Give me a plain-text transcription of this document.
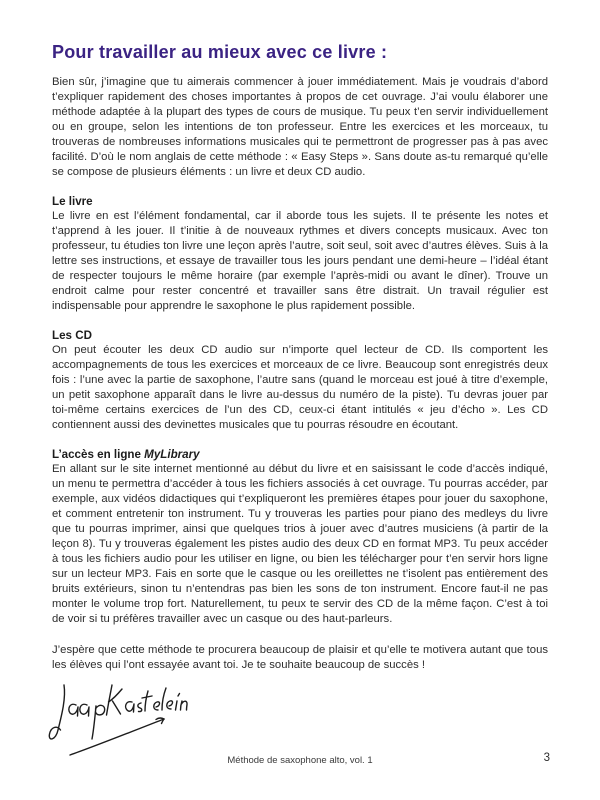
Pour travailler au mieux avec ce livre :

Bien sûr, j’imagine que tu aimerais commencer à jouer immédiatement. Mais je voudrais d’abord t’expliquer rapidement des choses importantes à propos de cet ouvrage. J’ai voulu élaborer une méthode adaptée à la plupart des types de cours de musique. Tu peux t’en servir individuellement ou en groupe, selon les intentions de ton professeur. Entre les exercices et les morceaux, tu trouveras de nombreuses informations musicales qui te permettront de progresser pas à pas avec facilité. D’où le nom anglais de cette méthode : « Easy Steps ». Sans doute as-tu remarqué qu’elle se compose de plusieurs éléments : un livre et deux CD audio.

Le livre

Le livre en est l’élément fondamental, car il aborde tous les sujets. Il te présente les notes et t’apprend à les jouer. Il t’initie à de nouveaux rythmes et divers concepts musicaux. Avec ton professeur, tu étudies ton livre une leçon après l’autre, soit seul, soit avec d’autres élèves. Suis à la lettre ses instructions, et essaye de travailler tous les jours pendant une demi-heure – l’idéal étant de respecter toujours le même horaire (par exemple l’après-midi ou avant le dîner). Trouve un endroit calme pour rester concentré et travailler sans être distrait. Un travail régulier est indispensable pour apprendre le saxophone le plus rapidement possible.

Les CD

On peut écouter les deux CD audio sur n’importe quel lecteur de CD. Ils comportent les accompagnements de tous les exercices et morceaux de ce livre. Beaucoup sont enregistrés deux fois : l’une avec la partie de saxophone, l’autre sans (quand le morceau est joué à titre d’exemple, un petit saxophone apparaît dans le livre au-dessus du numéro de la piste). Tu devras jouer par toi-même certains exercices de l’un des CD, ceux-ci étant intitulés « jeu d’écho ». Les CD contiennent aussi des devinettes musicales que tu pourras résoudre en écoutant.

L’accès en ligne MyLibrary

En allant sur le site internet mentionné au début du livre et en saisissant le code d’accès indiqué, un menu te permettra d’accéder à tous les fichiers associés à cet ouvrage. Tu pourras accéder, par exemple, aux vidéos didactiques qui t’expliqueront les premières étapes pour jouer du saxophone, et comment entretenir ton instrument. Tu y trouveras les parties pour piano des medleys du livre que tu pourras imprimer, ainsi que quelques trios à jouer avec d’autres musiciens (à partir de la leçon 8). Tu y trouveras également les pistes audio des deux CD en format MP3. Tu peux accéder à tous les fichiers audio pour les utiliser en ligne, ou bien les télécharger pour t’en servir hors ligne sur un lecteur MP3. Fais en sorte que le casque ou les oreillettes ne t’isolent pas entièrement des bruits extérieurs, sinon tu n’entendras pas bien les sons de ton instrument. Encore faut-il ne pas monter le volume trop fort. Naturellement, tu peux te servir des CD de la même façon. C’est à toi de voir si tu préfères travailler avec un casque ou des haut-parleurs.

J’espère que cette méthode te procurera beaucoup de plaisir et qu’elle te motivera autant que tous les élèves qui l’ont essayée avant toi. Je te souhaite beaucoup de succès !

Méthode de saxophone alto, vol. 1	3
